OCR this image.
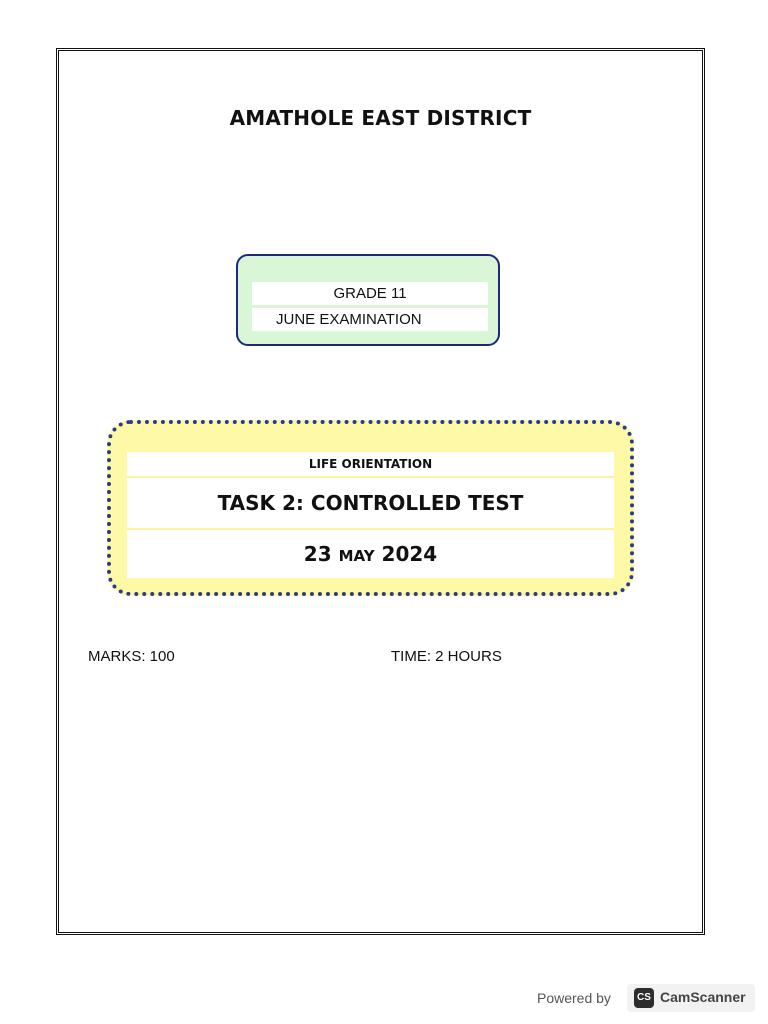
AMATHOLE EAST DISTRICT
GRADE 11
JUNE EXAMINATION
LIFE ORIENTATION
TASK 2: CONTROLLED TEST
23 MAY 2024
MARKS: 100	TIME: 2 HOURS
Powered by	CS CamScanner
